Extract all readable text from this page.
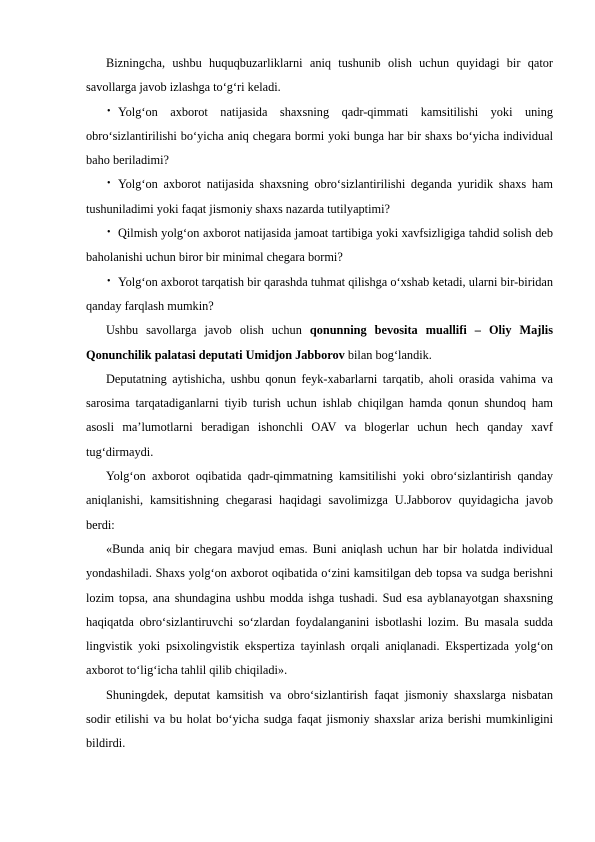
Bizningcha, ushbu huquqbuzarliklarni aniq tushunib olish uchun quyidagi bir qator savollarga javob izlashga to‘g‘ri keladi.

• Yolg‘on axborot natijasida shaxsning qadr-qimmati kamsitilishi yoki uning obro‘sizlantirilishi bo‘yicha aniq chegara bormi yoki bunga har bir shaxs bo‘yicha individual baho beriladimi?

• Yolg‘on axborot natijasida shaxsning obro‘sizlantirilishi deganda yuridik shaxs ham tushuniladimi yoki faqat jismoniy shaxs nazarda tutilyaptimi?

• Qilmish yolg‘on axborot natijasida jamoat tartibiga yoki xavfsizligiga tahdid solish deb baholanishi uchun biror bir minimal chegara bormi?

• Yolg‘on axborot tarqatish bir qarashda tuhmat qilishga o‘xshab ketadi, ularni bir-biridan qanday farqlash mumkin?

Ushbu savollarga javob olish uchun qonunning bevosita muallifi – Oliy Majlis Qonunchilik palatasi deputati Umidjon Jabborov bilan bog‘landik.

Deputatning aytishicha, ushbu qonun feyk-xabarlarni tarqatib, aholi orasida vahima va sarosima tarqatadiganlarni tiyib turish uchun ishlab chiqilgan hamda qonun shundoq ham asosli ma’lumotlarni beradigan ishonchli OAV va blogerlar uchun hech qanday xavf tug‘dirmaydi.

Yolg‘on axborot oqibatida qadr-qimmatning kamsitilishi yoki obro‘sizlantirish qanday aniqlanishi, kamsitishning chegarasi haqidagi savolimizga U.Jabborov quyidagicha javob berdi:

«Bunda aniq bir chegara mavjud emas. Buni aniqlash uchun har bir holatda individual yondashiladi. Shaxs yolg‘on axborot oqibatida o‘zini kamsitilgan deb topsa va sudga berishni lozim topsa, ana shundagina ushbu modda ishga tushadi. Sud esa ayblanayotgan shaxsning haqiqatda obro‘sizlantiruvchi so‘zlardan foydalanganini isbotlashi lozim. Bu masala sudda lingvistik yoki psixolingvistik ekspertiza tayinlash orqali aniqlanadi. Ekspertizada yolg‘on axborot to‘lig‘icha tahlil qilib chiqiladi».

Shuningdek, deputat kamsitish va obro‘sizlantirish faqat jismoniy shaxslarga nisbatan sodir etilishi va bu holat bo‘yicha sudga faqat jismoniy shaxslar ariza berishi mumkinligini bildirdi.
